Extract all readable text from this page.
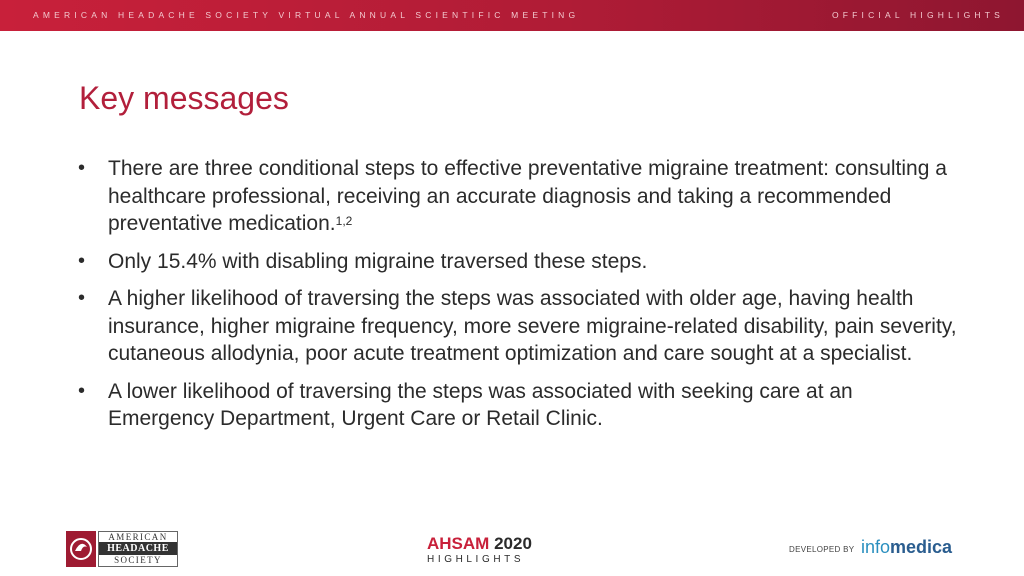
AMERICAN HEADACHE SOCIETY VIRTUAL ANNUAL SCIENTIFIC MEETING	OFFICIAL HIGHLIGHTS
Key messages
•	There are three conditional steps to effective preventative migraine treatment: consulting a healthcare professional, receiving an accurate diagnosis and taking a recommended preventative medication.$^{1,2}$
•	Only 15.4% with disabling migraine traversed these steps.
•	A higher likelihood of traversing the steps was associated with older age, having health insurance, higher migraine frequency, more severe migraine-related disability, pain severity, cutaneous allodynia, poor acute treatment optimization and care sought at a specialist.
•	A lower likelihood of traversing the steps was associated with seeking care at an Emergency Department, Urgent Care or Retail Clinic.
AMERICAN
HEADACHE
SOCIETY
AHSAM 2020
HIGHLIGHTS
DEVELOPED BY infomedica
